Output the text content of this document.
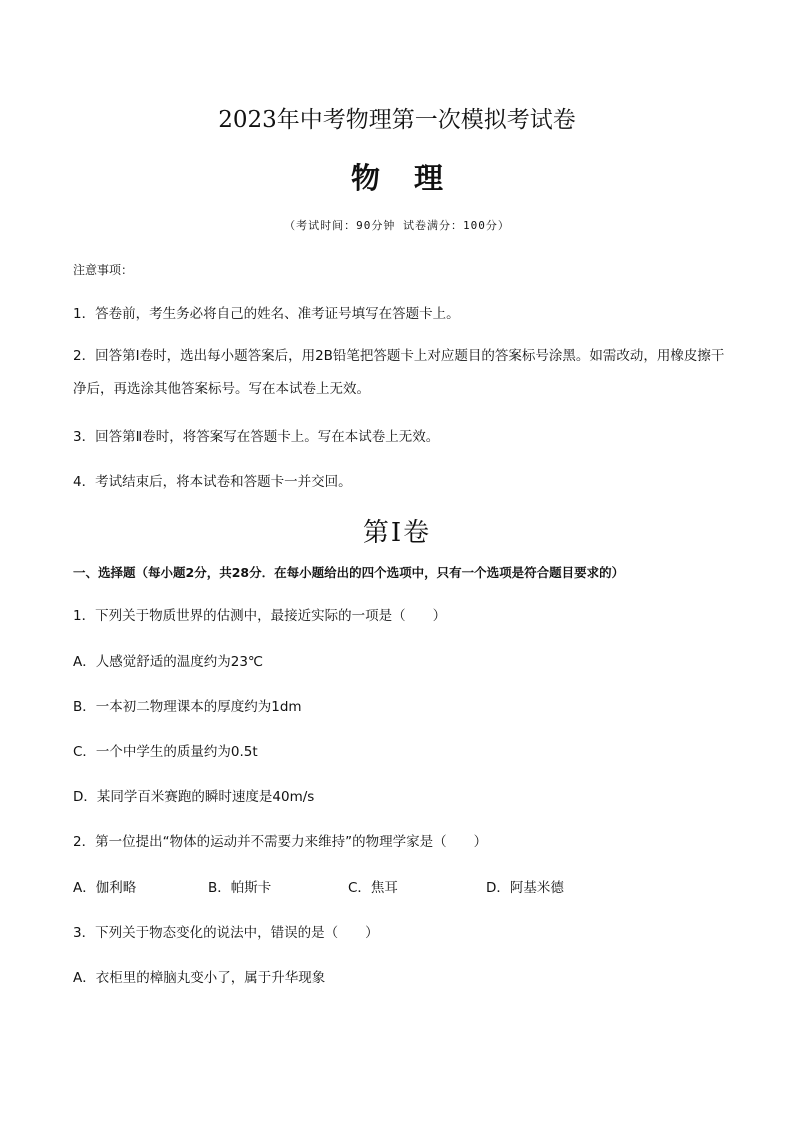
2023年中考物理第一次模拟考试卷
物 理
（考试时间：90分钟 试卷满分：100分）
注意事项：
1．答卷前，考生务必将自己的姓名、准考证号填写在答题卡上。
2．回答第Ⅰ卷时，选出每小题答案后，用2B铅笔把答题卡上对应题目的答案标号涂黑。如需改动，用橡皮擦干净后，再选涂其他答案标号。写在本试卷上无效。
3．回答第Ⅱ卷时，将答案写在答题卡上。写在本试卷上无效。
4．考试结束后，将本试卷和答题卡一并交回。
第Ⅰ卷
一、选择题（每小题2分，共28分．在每小题给出的四个选项中，只有一个选项是符合题目要求的）
1．下列关于物质世界的估测中，最接近实际的一项是（　　）
A．人感觉舒适的温度约为23℃
B．一本初二物理课本的厚度约为1dm
C．一个中学生的质量约为0.5t
D．某同学百米赛跑的瞬时速度是40m/s
2．第一位提出“物体的运动并不需要力来维持”的物理学家是（　　）
A．伽利略	B．帕斯卡	C．焦耳	D．阿基米德
3．下列关于物态变化的说法中，错误的是（　　）
A．衣柜里的樟脑丸变小了，属于升华现象
